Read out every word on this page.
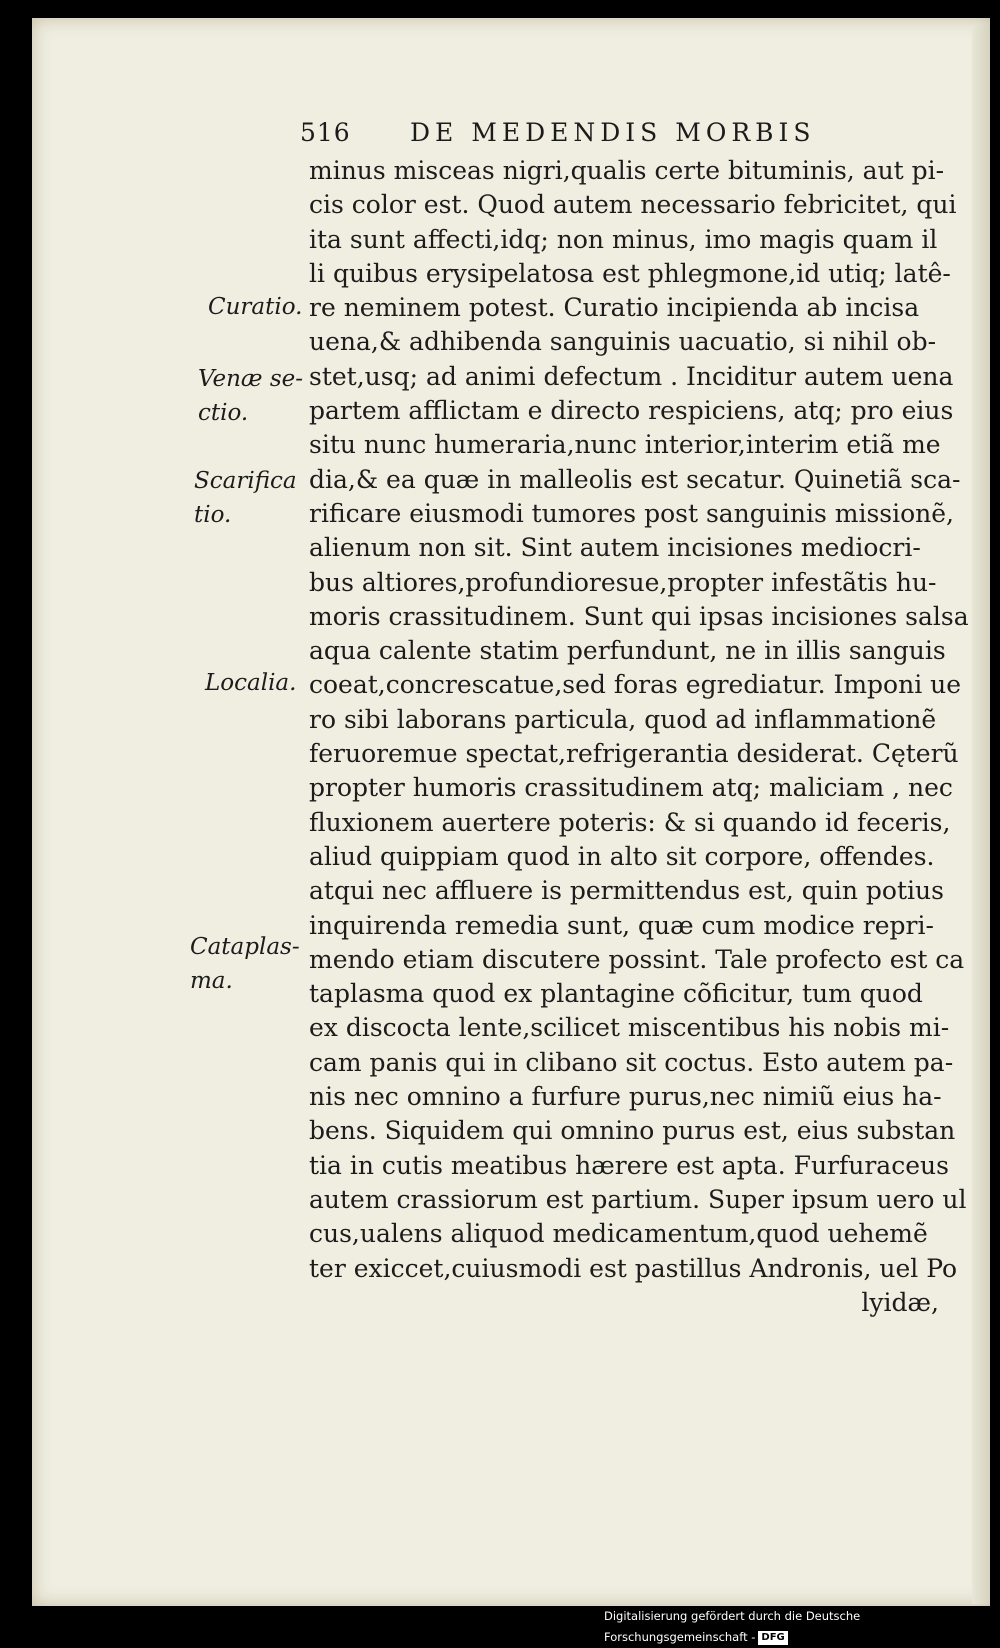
516 DE MEDENDIS MORBIS
minus misceas nigri,qualis certe bituminis, aut pi-
cis color est. Quod autem necessario febricitet, qui
ita sunt affecti,idq; non minus, imo magis quam il
li quibus erysipelatosa est phlegmone,id utiq; latê-
re neminem potest. Curatio incipienda ab incisa
uena,& adhibenda sanguinis uacuatio, si nihil ob-
stet,usq; ad animi defectum . Inciditur autem uena
partem afflictam e directo respiciens, atq; pro eius
situ nunc humeraria,nunc interior,interim etiã me
dia,& ea quæ in malleolis est secatur. Quinetiã sca-
rificare eiusmodi tumores post sanguinis missionẽ,
alienum non sit. Sint autem incisiones mediocri-
bus altiores,profundioresue,propter infestãtis hu-
moris crassitudinem. Sunt qui ipsas incisiones salsa
aqua calente statim perfundunt, ne in illis sanguis
coeat,concrescatue,sed foras egrediatur. Imponi ue
ro sibi laborans particula, quod ad inflammationẽ
feruoremue spectat,refrigerantia desiderat. Cęterũ
propter humoris crassitudinem atq; maliciam , nec
fluxionem auertere poteris: & si quando id feceris,
aliud quippiam quod in alto sit corpore, offendes.
atqui nec affluere is permittendus est, quin potius
inquirenda remedia sunt, quæ cum modice repri-
mendo etiam discutere possint. Tale profecto est ca
taplasma quod ex plantagine cõficitur, tum quod
ex discocta lente,scilicet miscentibus his nobis mi-
cam panis qui in clibano sit coctus. Esto autem pa-
nis nec omnino a furfure purus,nec nimiũ eius ha-
bens. Siquidem qui omnino purus est, eius substan
tia in cutis meatibus hærere est apta. Furfuraceus
autem crassiorum est partium. Super ipsum uero ul
cus,ualens aliquod medicamentum,quod uehemẽ
ter exiccet,cuiusmodi est pastillus Andronis, uel Po
lyidæ,
Curatio.
Venæ se-
ctio.
Scarifica
tio.
Localia.
Cataplas-
ma.
Digitalisierung gefördert durch die Deutsche Forschungsgemeinschaft - DFG
